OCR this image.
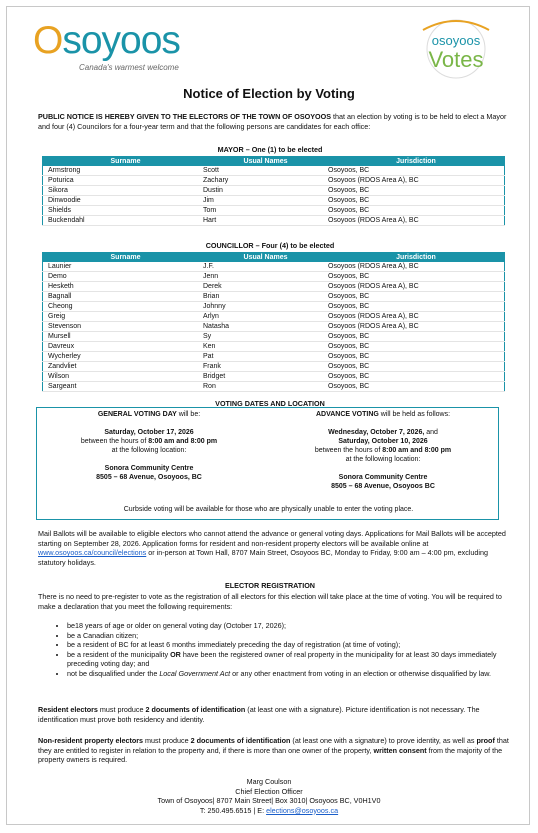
Osoyoos
Canada's warmest welcome
osoyoos
Votes
Notice of Election by Voting

PUBLIC NOTICE IS HEREBY GIVEN TO THE ELECTORS OF THE TOWN OF OSOYOOS that an election by voting is to be held to elect a Mayor and four (4) Councilors for a four-year term and that the following persons are candidates for each office:

MAYOR – One (1) to be elected
Surname	Usual Names	Jurisdiction
Armstrong	Scott	Osoyoos, BC
Poturica	Zachary	Osoyoos (RDOS Area A), BC
Sikora	Dustin	Osoyoos, BC
Dinwoodie	Jim	Osoyoos, BC
Shields	Tom	Osoyoos, BC
Buckendahl	Hart	Osoyoos (RDOS Area A), BC
COUNCILLOR – Four (4) to be elected
Surname	Usual Names	Jurisdiction
Launier	J.F.	Osoyoos (RDOS Area A), BC
Demo	Jenn	Osoyoos, BC
Hesketh	Derek	Osoyoos (RDOS Area A), BC
Bagnall	Brian	Osoyoos, BC
Cheong	Johnny	Osoyoos, BC
Greig	Arlyn	Osoyoos (RDOS Area A), BC
Stevenson	Natasha	Osoyoos (RDOS Area A), BC
Mursell	Sy	Osoyoos, BC
Davreux	Ken	Osoyoos, BC
Wycherley	Pat	Osoyoos, BC
Zandvliet	Frank	Osoyoos, BC
Wilson	Bridget	Osoyoos, BC
Sargeant	Ron	Osoyoos, BC
VOTING DATES AND LOCATION

GENERAL VOTING DAY will be:

Saturday, October 17, 2026

between the hours of 8:00 am and 8:00 pm

at the following location:

Sonora Community Centre

8505 – 68 Avenue, Osoyoos, BC

ADVANCE VOTING will be held as follows:

Wednesday, October 7, 2026, and

Saturday, October 10, 2026

between the hours of 8:00 am and 8:00 pm

at the following location:

Sonora Community Centre

8505 – 68 Avenue, Osoyoos BC

Curbside voting will be available for those who are physically unable to enter the voting place.

Mail Ballots will be available to eligible electors who cannot attend the advance or general voting days. Applications for Mail Ballots will be accepted starting on September 28, 2026. Application forms for resident and non-resident property electors will be available online at www.osoyoos.ca/council/elections or in-person at Town Hall, 8707 Main Street, Osoyoos BC, Monday to Friday, 9:00 am – 4:00 pm, excluding statutory holidays.

ELECTOR REGISTRATION

There is no need to pre-register to vote as the registration of all electors for this election will take place at the time of voting. You will be required to make a declaration that you meet the following requirements:

• be18 years of age or older on general voting day (October 17, 2026);
• be a Canadian citizen;
• be a resident of BC for at least 6 months immediately preceding the day of registration (at time of voting);
• be a resident of the municipality OR have been the registered owner of real property in the municipality for at least 30 days immediately preceding voting day; and
• not be disqualified under the Local Government Act or any other enactment from voting in an election or otherwise disqualified by law.

Resident electors must produce 2 documents of identification (at least one with a signature). Picture identification is not necessary. The identification must prove both residency and identity.

Non-resident property electors must produce 2 documents of identification (at least one with a signature) to prove identity, as well as proof that they are entitled to register in relation to the property and, if there is more than one owner of the property, written consent from the majority of the property owners is required.

Marg Coulson

Chief Election Officer

Town of Osoyoos| 8707 Main Street| Box 3010| Osoyoos BC, V0H1V0

T: 250.495.6515 | E: elections@osoyoos.ca
